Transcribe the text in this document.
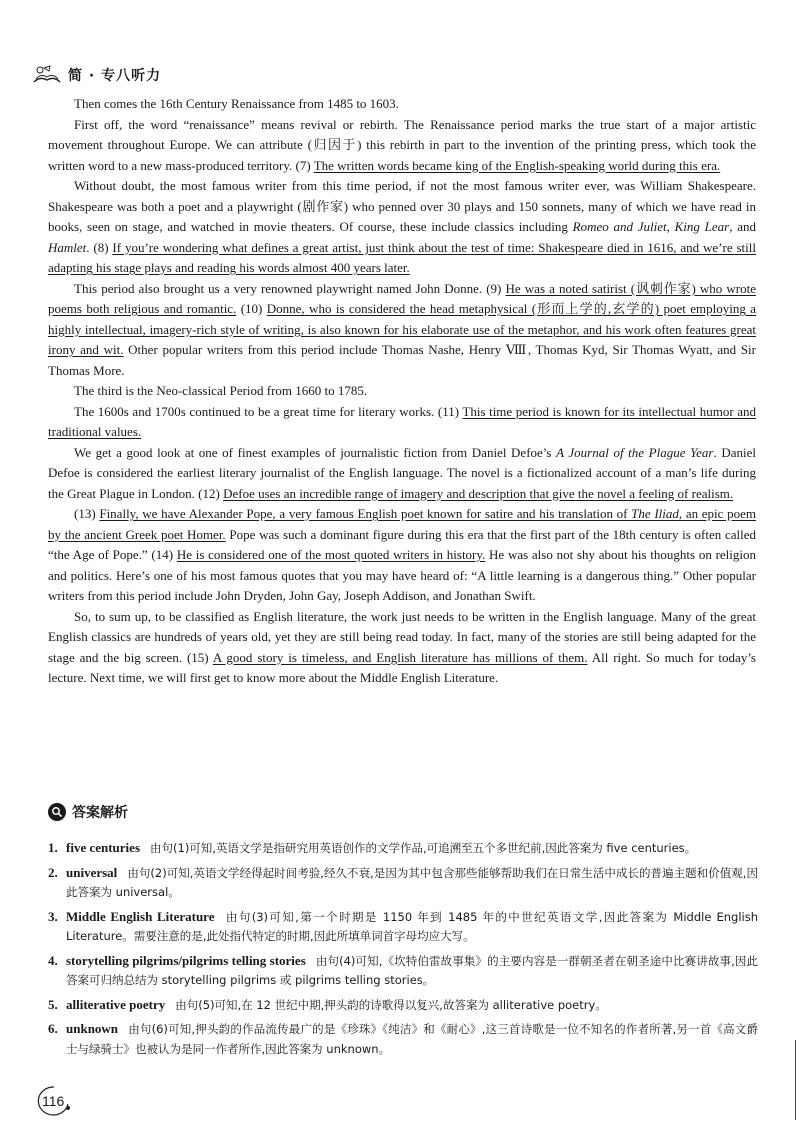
简 · 专八听力

Then comes the 16th Century Renaissance from 1485 to 1603.

First off, the word “renaissance” means revival or rebirth. The Renaissance period marks the true start of a major artistic movement throughout Europe. We can attribute (归因于) this rebirth in part to the invention of the printing press, which took the written word to a new mass-produced territory. (7) The written words became king of the English-speaking world during this era.

Without doubt, the most famous writer from this time period, if not the most famous writer ever, was William Shakespeare. Shakespeare was both a poet and a playwright (剧作家) who penned over 30 plays and 150 sonnets, many of which we have read in books, seen on stage, and watched in movie theaters. Of course, these include classics including Romeo and Juliet, King Lear, and Hamlet. (8) If you’re wondering what defines a great artist, just think about the test of time: Shakespeare died in 1616, and we’re still adapting his stage plays and reading his words almost 400 years later.

This period also brought us a very renowned playwright named John Donne. (9) He was a noted satirist (讽刺作家) who wrote poems both religious and romantic. (10) Donne, who is considered the head metaphysical (形而上学的,玄学的) poet employing a highly intellectual, imagery-rich style of writing, is also known for his elaborate use of the metaphor, and his work often features great irony and wit. Other popular writers from this period include Thomas Nashe, Henry Ⅷ, Thomas Kyd, Sir Thomas Wyatt, and Sir Thomas More.

The third is the Neo-classical Period from 1660 to 1785.

The 1600s and 1700s continued to be a great time for literary works. (11) This time period is known for its intellectual humor and traditional values.

We get a good look at one of finest examples of journalistic fiction from Daniel Defoe’s A Journal of the Plague Year. Daniel Defoe is considered the earliest literary journalist of the English language. The novel is a fictionalized account of a man’s life during the Great Plague in London. (12) Defoe uses an incredible range of imagery and description that give the novel a feeling of realism.

(13) Finally, we have Alexander Pope, a very famous English poet known for satire and his translation of The Iliad, an epic poem by the ancient Greek poet Homer. Pope was such a dominant figure during this era that the first part of the 18th century is often called “the Age of Pope.” (14) He is considered one of the most quoted writers in history. He was also not shy about his thoughts on religion and politics. Here’s one of his most famous quotes that you may have heard of: “A little learning is a dangerous thing.” Other popular writers from this period include John Dryden, John Gay, Joseph Addison, and Jonathan Swift.

So, to sum up, to be classified as English literature, the work just needs to be written in the English language. Many of the great English classics are hundreds of years old, yet they are still being read today. In fact, many of the stories are still being adapted for the stage and the big screen. (15) A good story is timeless, and English literature has millions of them. All right. So much for today’s lecture. Next time, we will first get to know more about the Middle English Literature.

答案解析
1. five centuries 由句(1)可知,英语文学是指研究用英语创作的文学作品,可追溯至五个多世纪前,因此答案为 five centuries。
2. universal 由句(2)可知,英语文学经得起时间考验,经久不衰,是因为其中包含那些能够帮助我们在日常生活中成长的普遍主题和价值观,因此答案为 universal。
3. Middle English Literature 由句(3)可知,第一个时期是 1150 年到 1485 年的中世纪英语文学,因此答案为 Middle English Literature。需要注意的是,此处指代特定的时期,因此所填单词首字母均应大写。
4. storytelling pilgrims/pilgrims telling stories 由句(4)可知,《坎特伯雷故事集》的主要内容是一群朝圣者在朝圣途中比赛讲故事,因此答案可归纳总结为 storytelling pilgrims 或 pilgrims telling stories。
5. alliterative poetry 由句(5)可知,在 12 世纪中期,押头韵的诗歌得以复兴,故答案为 alliterative poetry。
6. unknown 由句(6)可知,押头韵的作品流传最广的是《珍珠》《纯洁》和《耐心》,这三首诗歌是一位不知名的作者所著,另一首《高文爵士与绿骑士》也被认为是同一作者所作,因此答案为 unknown。
116
